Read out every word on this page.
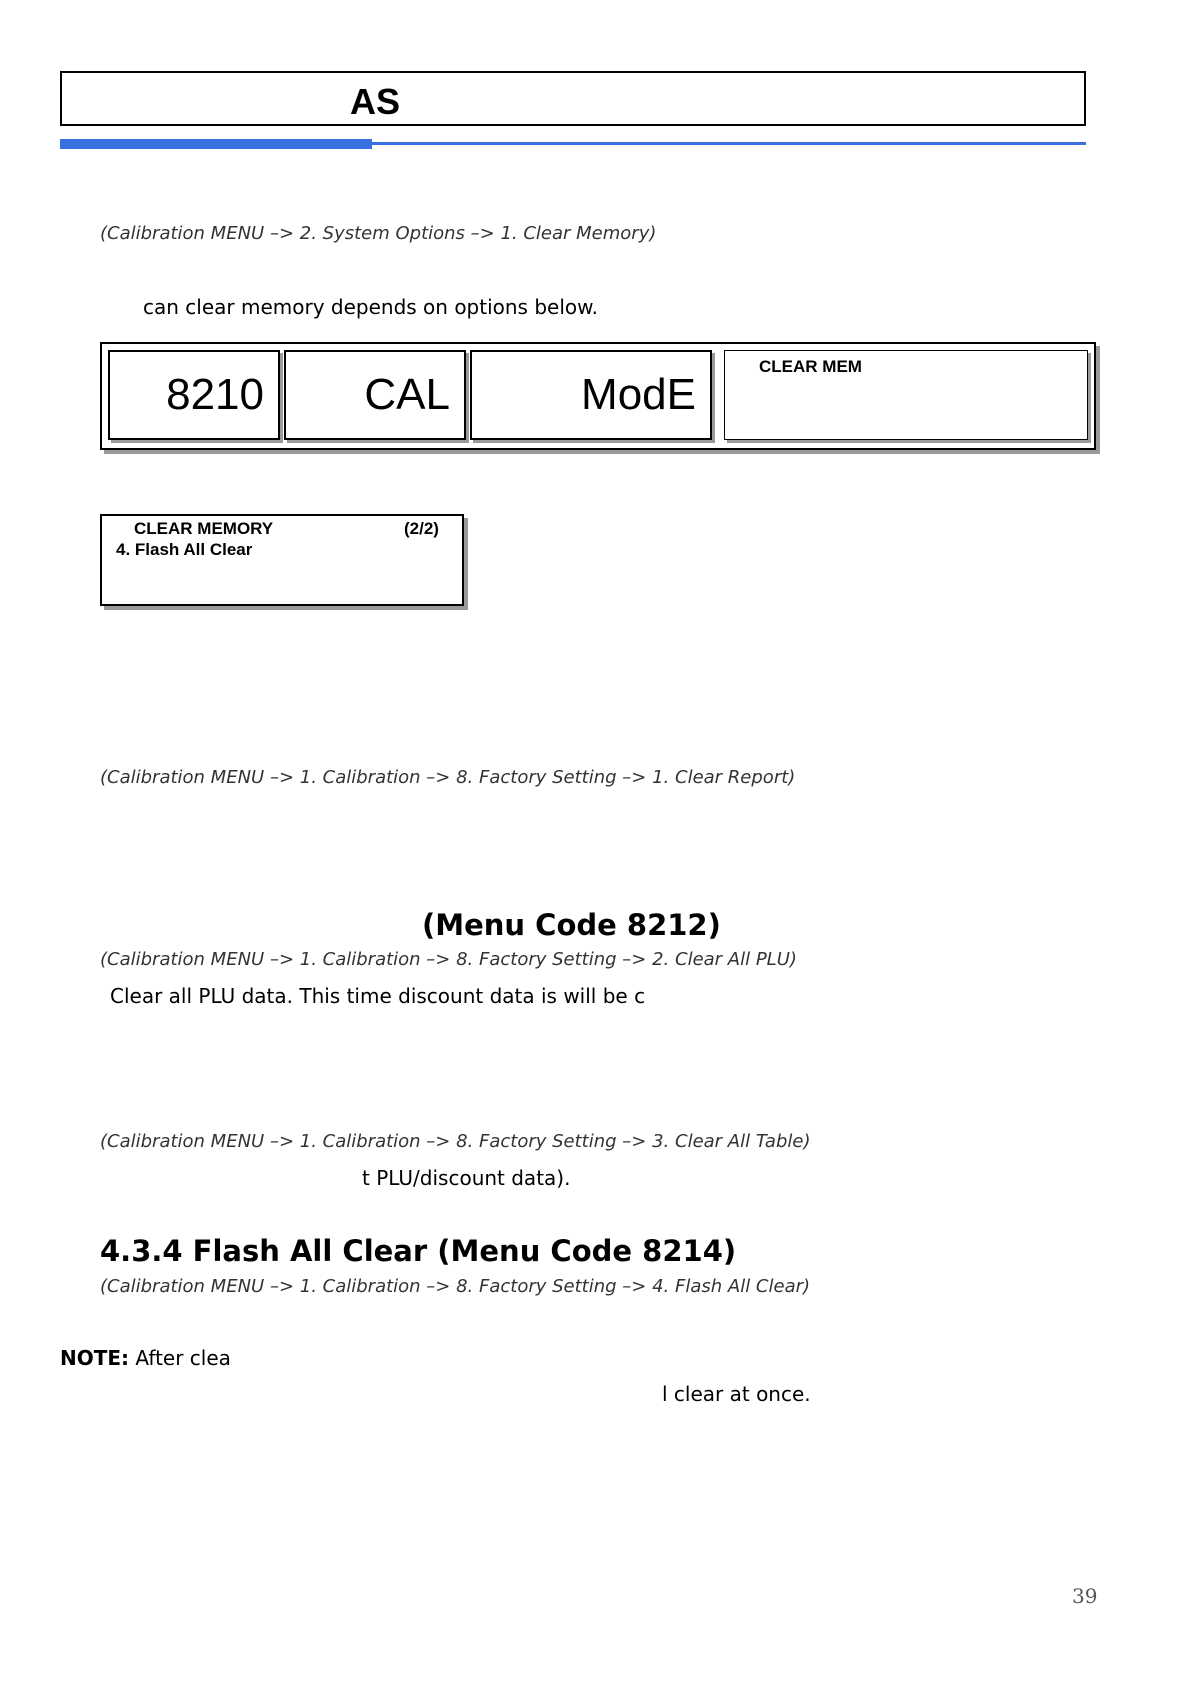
AS
(Calibration MENU –> 2. System Options –> 1. Clear Memory)
can clear memory depends on options below.
8210	CAL	ModE
CLEAR MEM
CLEAR MEMORY	(2/2)
4. Flash All Clear
(Calibration MENU –> 1. Calibration –> 8. Factory Setting –> 1. Clear Report)
(Menu Code 8212)
(Calibration MENU –> 1. Calibration –> 8. Factory Setting –> 2. Clear All PLU)
Clear all PLU data. This time discount data is will be c
(Calibration MENU –> 1. Calibration –> 8. Factory Setting –> 3. Clear All Table)
t PLU/discount data).
4.3.4 Flash All Clear (Menu Code 8214)
(Calibration MENU –> 1. Calibration –> 8. Factory Setting –> 4. Flash All Clear)
NOTE: After clea
l clear at once.
39
